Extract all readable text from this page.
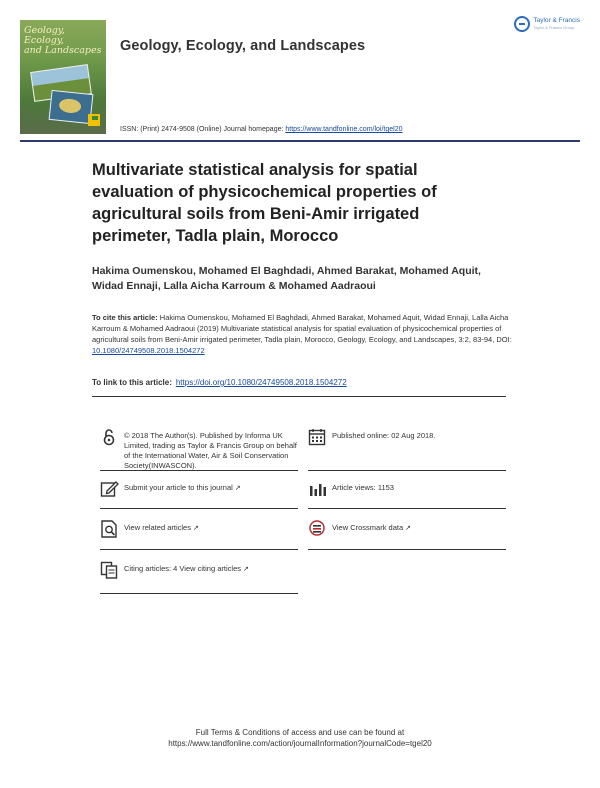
Geology, Ecology,
and Landscapes Geology, Ecology, and Landscapes
Taylor & Francis
Taylor & Francis Group
ISSN: (Print) 2474-9508 (Online) Journal homepage: https://www.tandfonline.com/loi/tgel20
Multivariate statistical analysis for spatial evaluation of physicochemical properties of agricultural soils from Beni-Amir irrigated perimeter, Tadla plain, Morocco
Hakima Oumenskou, Mohamed El Baghdadi, Ahmed Barakat, Mohamed Aquit, Widad Ennaji, Lalla Aicha Karroum & Mohamed Aadraoui
To cite this article: Hakima Oumenskou, Mohamed El Baghdadi, Ahmed Barakat, Mohamed Aquit, Widad Ennaji, Lalla Aicha Karroum & Mohamed Aadraoui (2019) Multivariate statistical analysis for spatial evaluation of physicochemical properties of agricultural soils from Beni-Amir irrigated perimeter, Tadla plain, Morocco, Geology, Ecology, and Landscapes, 3:2, 83-94, DOI: 10.1080/24749508.2018.1504272
To link to this article: https://doi.org/10.1080/24749508.2018.1504272
© 2018 The Author(s). Published by Informa UK Limited, trading as Taylor & Francis Group on behalf of the International Water, Air & Soil Conservation Society(INWASCON).
Published online: 02 Aug 2018.
Submit your article to this journal ↗	Article views: 1153
View related articles ↗	View Crossmark data ↗
Citing articles: 4 View citing articles ↗
Full Terms & Conditions of access and use can be found at
https://www.tandfonline.com/action/journalInformation?journalCode=tgel20
